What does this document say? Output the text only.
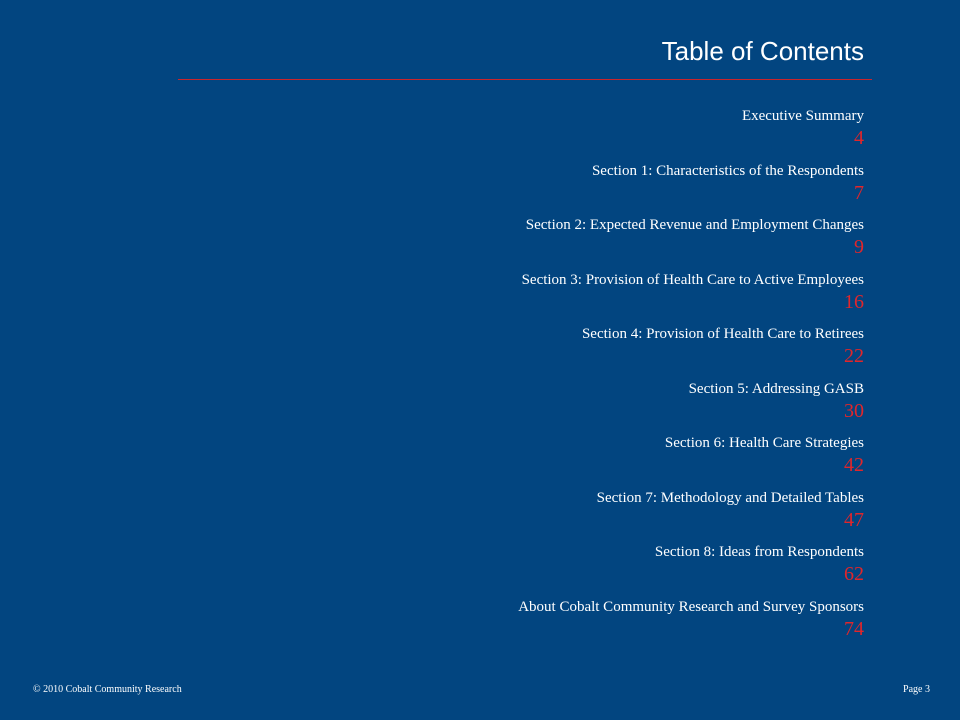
Table of Contents
Executive Summary
4
Section 1: Characteristics of the Respondents
7
Section 2: Expected Revenue and Employment Changes
9
Section 3: Provision of Health Care to Active Employees
16
Section 4: Provision of Health Care to Retirees
22
Section 5: Addressing GASB
30
Section 6: Health Care Strategies
42
Section 7: Methodology and Detailed Tables
47
Section 8: Ideas from Respondents
62
About Cobalt Community Research and Survey Sponsors
74
© 2010 Cobalt Community Research	Page 3
